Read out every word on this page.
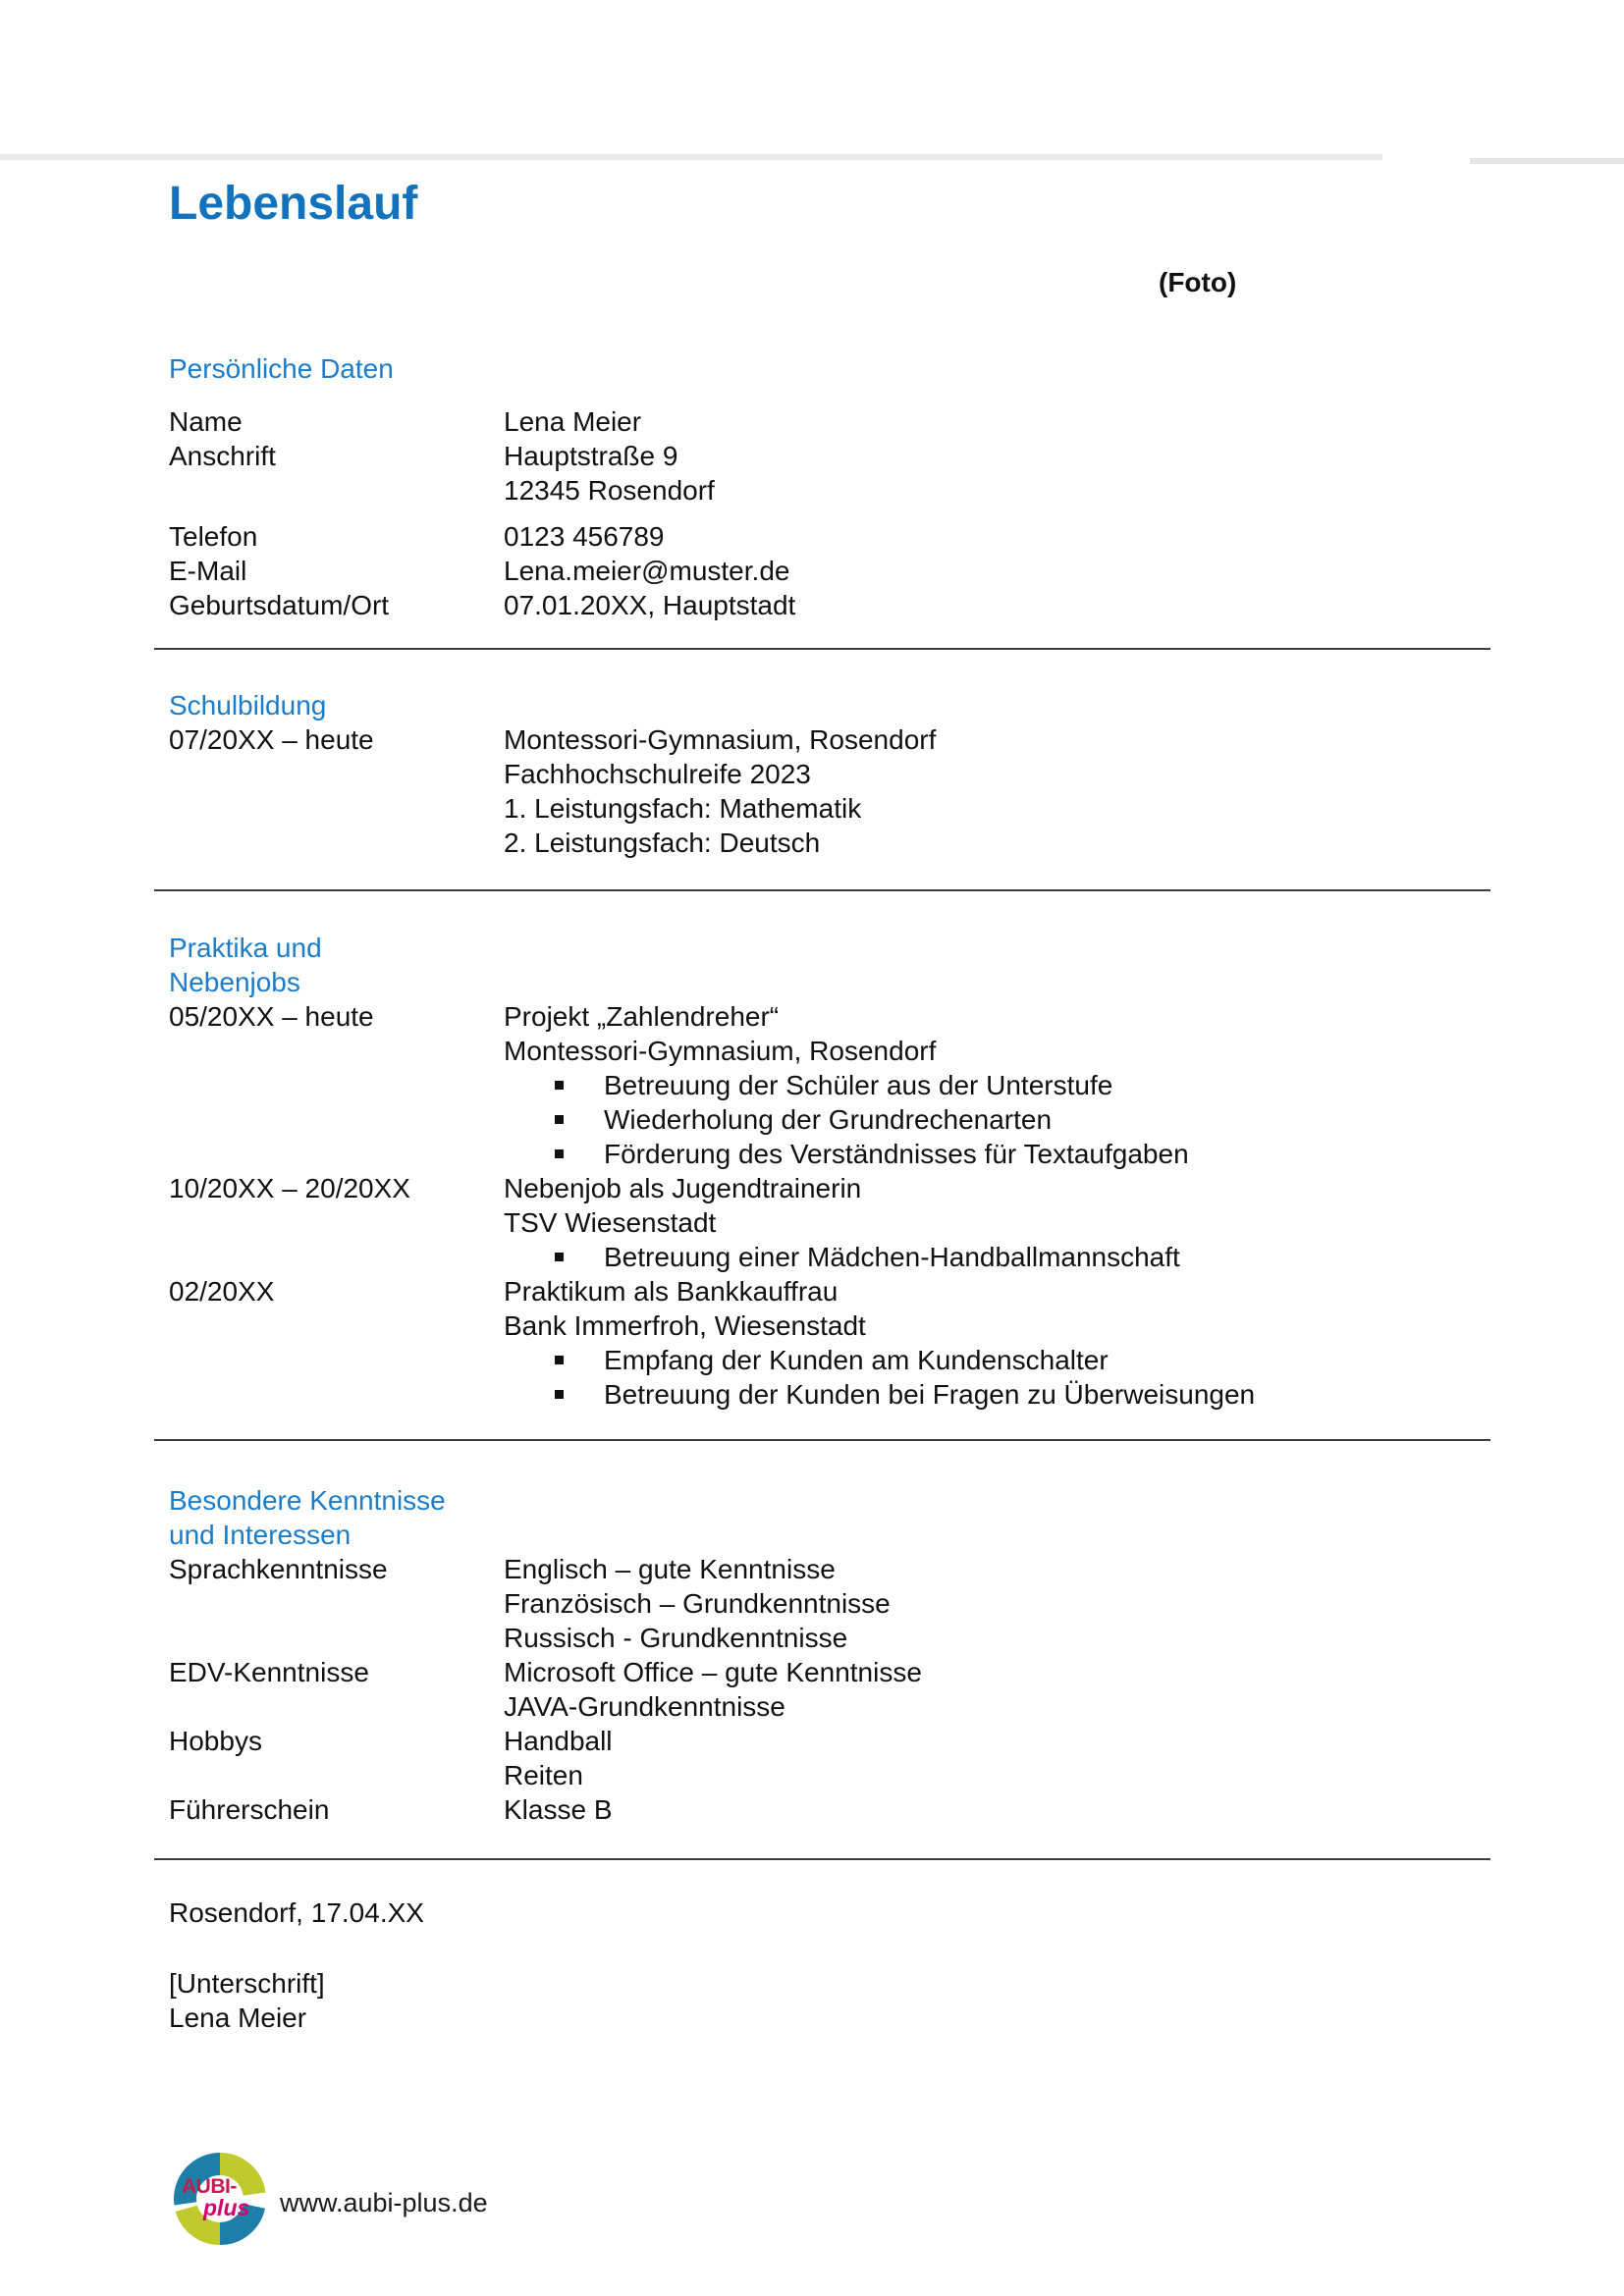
Lebenslauf
(Foto)
Persönliche Daten
Name	Lena Meier
Anschrift	Hauptstraße 9
12345 Rosendorf
Telefon	0123 456789
E-Mail	Lena.meier@muster.de
Geburtsdatum/Ort	07.01.20XX, Hauptstadt
Schulbildung
07/20XX – heute	Montessori-Gymnasium, Rosendorf
Fachhochschulreife 2023
1. Leistungsfach: Mathematik
2. Leistungsfach: Deutsch
Praktika und
Nebenjobs
05/20XX – heute	Projekt „Zahlendreher“
Montessori-Gymnasium, Rosendorf
Betreuung der Schüler aus der Unterstufe
Wiederholung der Grundrechenarten
Förderung des Verständnisses für Textaufgaben
10/20XX – 20/20XX	Nebenjob als Jugendtrainerin
TSV Wiesenstadt
Betreuung einer Mädchen-Handballmannschaft
02/20XX	Praktikum als Bankkauffrau
Bank Immerfroh, Wiesenstadt
Empfang der Kunden am Kundenschalter
Betreuung der Kunden bei Fragen zu Überweisungen
Besondere Kenntnisse
und Interessen
Sprachkenntnisse	Englisch – gute Kenntnisse
Französisch – Grundkenntnisse
Russisch - Grundkenntnisse
EDV-Kenntnisse	Microsoft Office – gute Kenntnisse
JAVA-Grundkenntnisse
Hobbys	Handball
Reiten
Führerschein	Klasse B
Rosendorf, 17.04.XX
[Unterschrift]
Lena Meier
AUBI-
plus www.aubi-plus.de
